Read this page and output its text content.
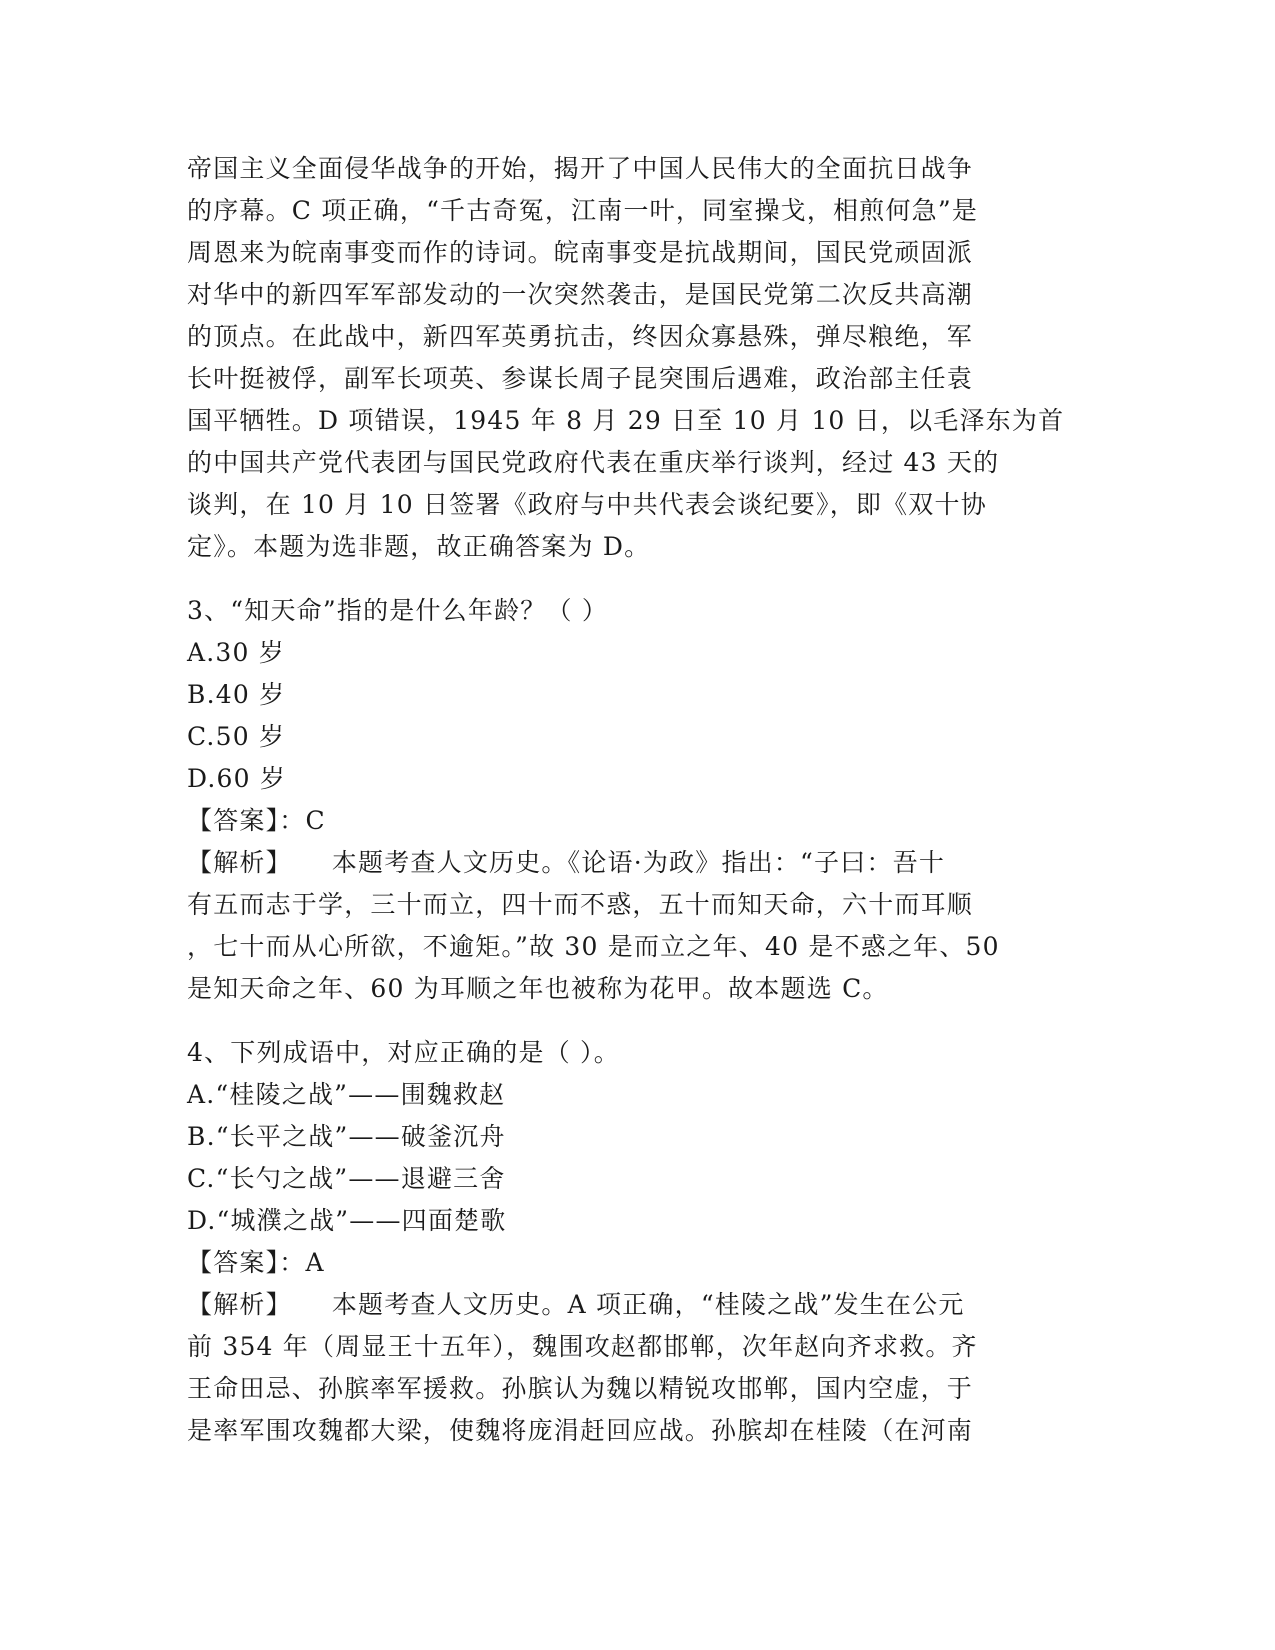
帝国主义全面侵华战争的开始，揭开了中国人民伟大的全面抗日战争
的序幕。C 项正确，“千古奇冤，江南一叶，同室操戈，相煎何急”是
周恩来为皖南事变而作的诗词。皖南事变是抗战期间，国民党顽固派
对华中的新四军军部发动的一次突然袭击，是国民党第二次反共高潮
的顶点。在此战中，新四军英勇抗击，终因众寡悬殊，弹尽粮绝，军
长叶挺被俘，副军长项英、参谋长周子昆突围后遇难，政治部主任袁
国平牺牲。D 项错误，1945 年 8 月 29 日至 10 月 10 日，以毛泽东为首
的中国共产党代表团与国民党政府代表在重庆举行谈判，经过 43 天的
谈判，在 10 月 10 日签署《政府与中共代表会谈纪要》，即《双十协
定》。本题为选非题，故正确答案为 D。
3、“知天命”指的是什么年龄？（ ）
A.30 岁
B.40 岁
C.50 岁
D.60 岁
【答案】：C
【解析】 本题考查人文历史。《论语·为政》指出：“子曰：吾十
有五而志于学，三十而立，四十而不惑，五十而知天命，六十而耳顺
，七十而从心所欲，不逾矩。”故 30 是而立之年、40 是不惑之年、50
是知天命之年、60 为耳顺之年也被称为花甲。故本题选 C。
4、下列成语中，对应正确的是（ ）。
A.“桂陵之战”——围魏救赵
B.“长平之战”——破釜沉舟
C.“长勺之战”——退避三舍
D.“城濮之战”——四面楚歌
【答案】：A
【解析】 本题考查人文历史。A 项正确，“桂陵之战”发生在公元
前 354 年（周显王十五年），魏围攻赵都邯郸，次年赵向齐求救。齐
王命田忌、孙膑率军援救。孙膑认为魏以精锐攻邯郸，国内空虚，于
是率军围攻魏都大梁，使魏将庞涓赶回应战。孙膑却在桂陵（在河南
